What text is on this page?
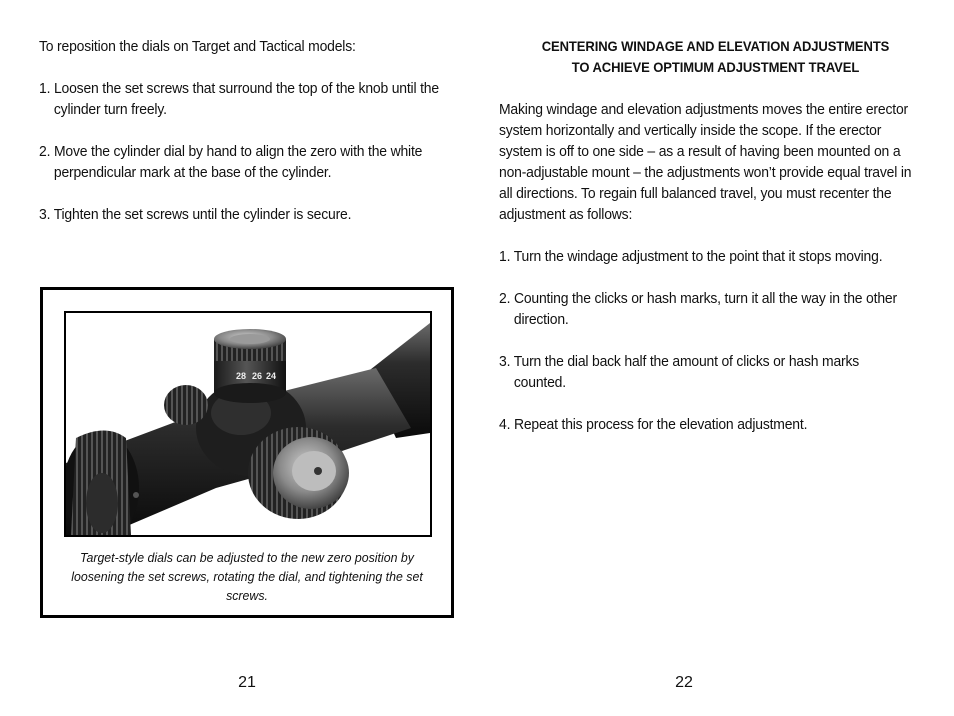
To reposition the dials on Target and Tactical models:

1. Loosen the set screws that surround the top of the knob until the cylinder turn freely.

2. Move the cylinder dial by hand to align the zero with the white perpendicular mark at the base of the cylinder.

3. Tighten the set screws until the cylinder is secure.

28 26 24
Target-style dials can be adjusted to the new zero position by loosening the set screws, rotating the dial, and tightening the set screws.
21
CENTERING WINDAGE AND ELEVATION ADJUSTMENTS
TO ACHIEVE OPTIMUM ADJUSTMENT TRAVEL

Making windage and elevation adjustments moves the entire erector system horizontally and vertically inside the scope. If the erector system is off to one side – as a result of having been mounted on a non-adjustable mount – the adjustments won’t provide equal travel in all directions. To regain full balanced travel, you must recenter the adjustment as follows:

1. Turn the windage adjustment to the point that it stops moving.

2. Counting the clicks or hash marks, turn it all the way in the other direction.

3. Turn the dial back half the amount of clicks or hash marks counted.

4. Repeat this process for the elevation adjustment.

22
